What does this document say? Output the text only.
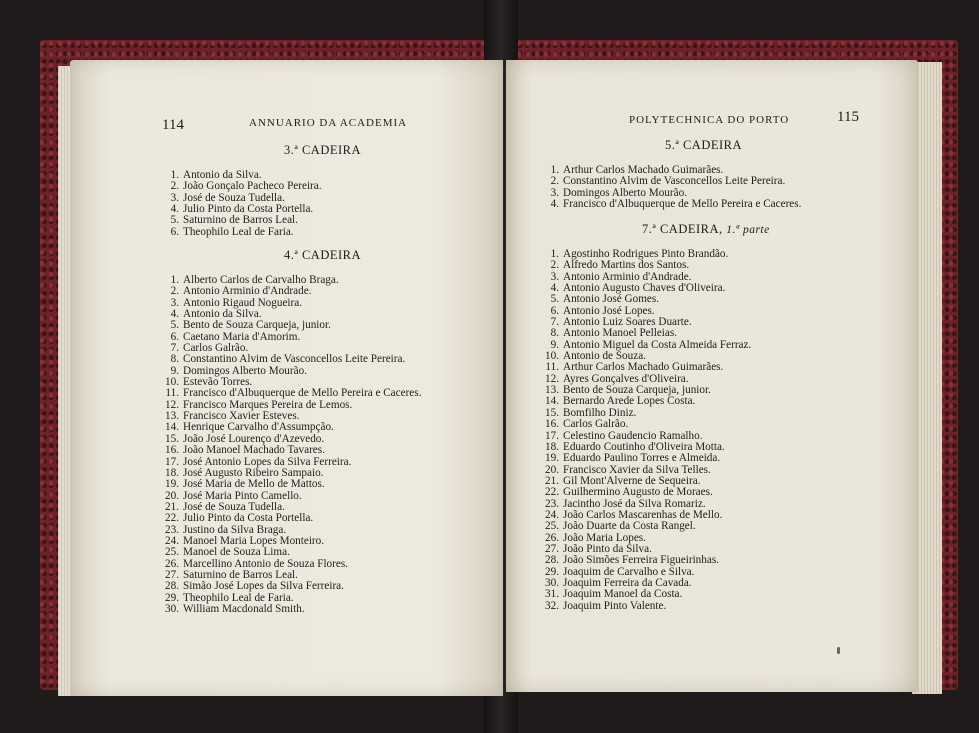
114	ANNUARIO DA ACADEMIA
3.ª CADEIRA
1. Antonio da Silva.
2. João Gonçalo Pacheco Pereira.
3. José de Souza Tudella.
4. Julio Pinto da Costa Portella.
5. Saturnino de Barros Leal.
6. Theophilo Leal de Faria.
4.ª CADEIRA
1. Alberto Carlos de Carvalho Braga.
2. Antonio Arminio d'Andrade.
3. Antonio Rigaud Nogueira.
4. Antonio da Silva.
5. Bento de Souza Carqueja, junior.
6. Caetano Maria d'Amorim.
7. Carlos Galrão.
8. Constantino Alvim de Vasconcellos Leite Pereira.
9. Domingos Alberto Mourão.
10. Estevão Torres.
11. Francisco d'Albuquerque de Mello Pereira e Caceres.
12. Francisco Marques Pereira de Lemos.
13. Francisco Xavier Esteves.
14. Henrique Carvalho d'Assumpção.
15. João José Lourenço d'Azevedo.
16. João Manoel Machado Tavares.
17. José Antonio Lopes da Silva Ferreira.
18. José Augusto Ribeiro Sampaio.
19. José Maria de Mello de Mattos.
20. José Maria Pinto Camello.
21. José de Souza Tudella.
22. Julio Pinto da Costa Portella.
23. Justino da Silva Braga.
24. Manoel Maria Lopes Monteiro.
25. Manoel de Souza Lima.
26. Marcellino Antonio de Souza Flores.
27. Saturnino de Barros Leal.
28. Simão José Lopes da Silva Ferreira.
29. Theophilo Leal de Faria.
30. William Macdonald Smith.
POLYTECHNICA DO PORTO	115
5.ª CADEIRA
1. Arthur Carlos Machado Guimarães.
2. Constantino Alvim de Vasconcellos Leite Pereira.
3. Domingos Alberto Mourão.
4. Francisco d'Albuquerque de Mello Pereira e Caceres.
7.ª CADEIRA, 1.ª parte
1. Agostinho Rodrigues Pinto Brandão.
2. Alfredo Martins dos Santos.
3. Antonio Arminio d'Andrade.
4. Antonio Augusto Chaves d'Oliveira.
5. Antonio José Gomes.
6. Antonio José Lopes.
7. Antonio Luiz Soares Duarte.
8. Antonio Manoel Pelleias.
9. Antonio Miguel da Costa Almeida Ferraz.
10. Antonio de Souza.
11. Arthur Carlos Machado Guimarães.
12. Ayres Gonçalves d'Oliveira.
13. Bento de Souza Carqueja, junior.
14. Bernardo Arede Lopes Costa.
15. Bomfilho Diniz.
16. Carlos Galrão.
17. Celestino Gaudencio Ramalho.
18. Eduardo Coutinho d'Oliveira Motta.
19. Eduardo Paulino Torres e Almeida.
20. Francisco Xavier da Silva Telles.
21. Gil Mont'Alverne de Sequeira.
22. Guilhermino Augusto de Moraes.
23. Jacintho José da Silva Romariz.
24. João Carlos Mascarenhas de Mello.
25. João Duarte da Costa Rangel.
26. João Maria Lopes.
27. João Pinto da Silva.
28. João Simões Ferreira Figueirinhas.
29. Joaquim de Carvalho e Silva.
30. Joaquim Ferreira da Cavada.
31. Joaquim Manoel da Costa.
32. Joaquim Pinto Valente.
